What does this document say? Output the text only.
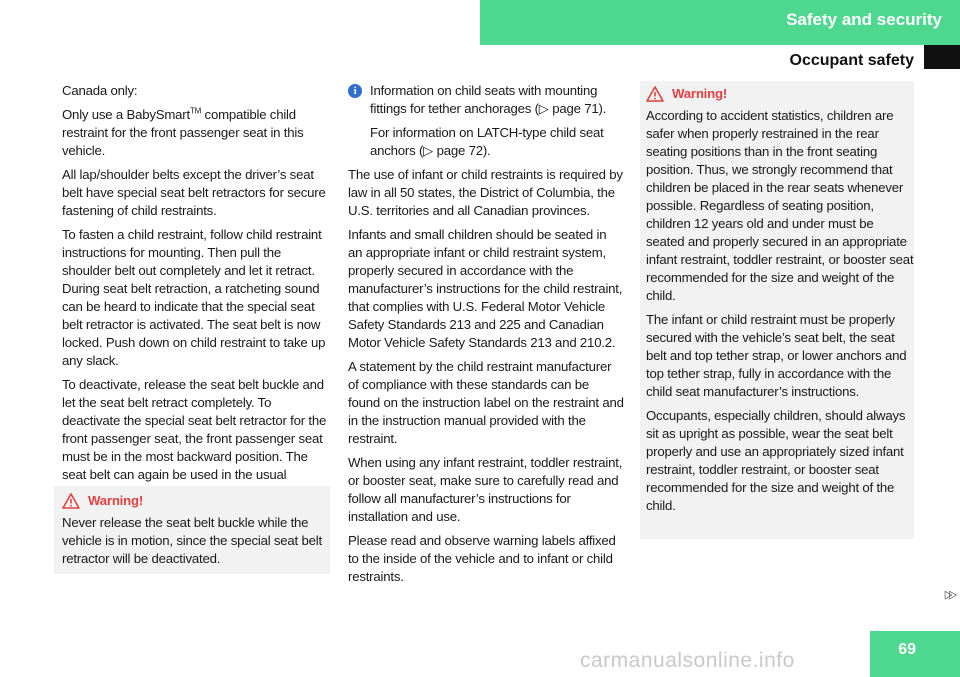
Safety and security
Occupant safety

Canada only:

Only use a BabySmart™ compatible child restraint for the front passenger seat in this vehicle.

All lap/shoulder belts except the driver’s seat belt have special seat belt retractors for secure fastening of child restraints.

To fasten a child restraint, follow child restraint instructions for mounting. Then pull the shoulder belt out completely and let it retract. During seat belt retraction, a ratcheting sound can be heard to indicate that the special seat belt retractor is activated. The seat belt is now locked. Push down on child restraint to take up any slack.

To deactivate, release the seat belt buckle and let the seat belt retract completely. To deactivate the special seat belt retractor for the front passenger seat, the front passenger seat must be in the most backward position. The seat belt can again be used in the usual

Warning!

Never release the seat belt buckle while the vehicle is in motion, since the special seat belt retractor will be deactivated.

i	Information on child seats with mounting fittings for tether anchorages (▷ page 71).

For information on LATCH-type child seat anchors (▷ page 72).

The use of infant or child restraints is required by law in all 50 states, the District of Columbia, the U.S. territories and all Canadian provinces.

Infants and small children should be seated in an appropriate infant or child restraint system, properly secured in accordance with the manufacturer’s instructions for the child restraint, that complies with U.S. Federal Motor Vehicle Safety Standards 213 and 225 and Canadian Motor Vehicle Safety Standards 213 and 210.2.

A statement by the child restraint manufacturer of compliance with these standards can be found on the instruction label on the restraint and in the instruction manual provided with the restraint.

When using any infant restraint, toddler restraint, or booster seat, make sure to carefully read and follow all manufacturer’s instructions for installation and use.

Please read and observe warning labels affixed to the inside of the vehicle and to infant or child restraints.

Warning!

According to accident statistics, children are safer when properly restrained in the rear seating positions than in the front seating position. Thus, we strongly recommend that children be placed in the rear seats whenever possible. Regardless of seating position, children 12 years old and under must be seated and properly secured in an appropriate infant restraint, toddler restraint, or booster seat recommended for the size and weight of the child.

The infant or child restraint must be properly secured with the vehicle’s seat belt, the seat belt and top tether strap, or lower anchors and top tether strap, fully in accordance with the child seat manufacturer’s instructions.

Occupants, especially children, should always sit as upright as possible, wear the seat belt properly and use an appropriately sized infant restraint, toddler restraint, or booster seat recommended for the size and weight of the child.

▷▷
carmanualsonline.info	69
